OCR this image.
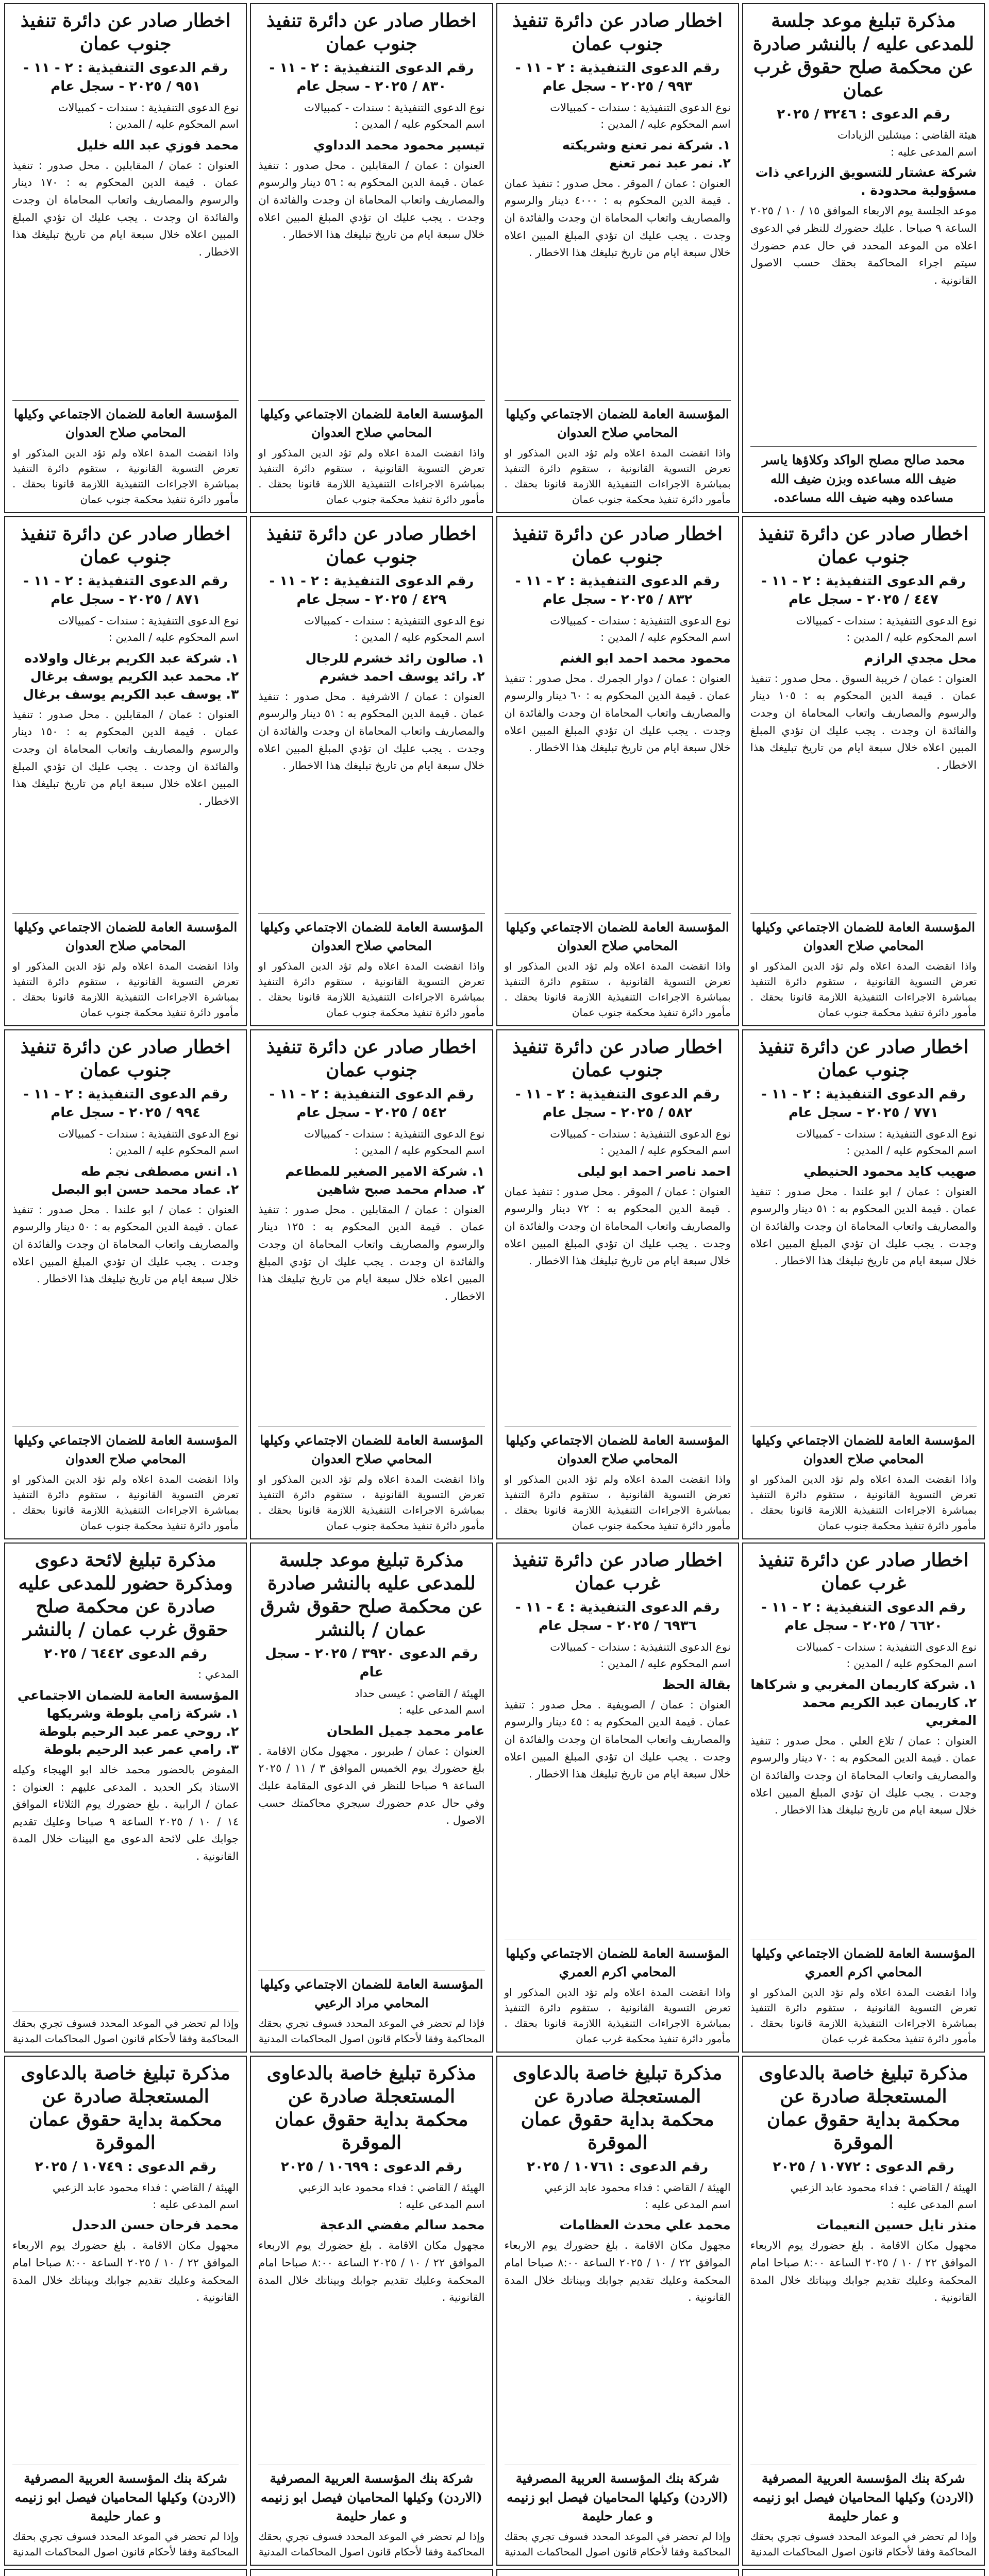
مذكرة تبليغ موعد جلسة للمدعى عليه / بالنشر صادرة عن محكمة صلح حقوق غرب عمان
رقم الدعوى : ٣٢٤٦ / ٢٠٢٥
هيئة القاضي : ميشلين الزيادات
اسم المدعى عليه :
شركة عشتار للتسويق الزراعي ذات مسؤولية محدودة .
موعد الجلسة يوم الاربعاء الموافق ١٥ / ١٠ / ٢٠٢٥ الساعة ٩ صباحا . عليك حضورك للنظر في الدعوى اعلاه من الموعد المحدد في حال عدم حضورك سيتم اجراء المحاكمة بحقك حسب الاصول القانونية .
محمد صالح مصلح الواكد وكلاؤها ياسر ضيف الله مساعده وبزن ضيف الله مساعده وهبه ضيف الله مساعده.
اخطار صادر عن دائرة تنفيذ جنوب عمان
رقم الدعوى التنفيذية : ٢ - ١١ - ٩٩٣ / ٢٠٢٥ - سجل عام
نوع الدعوى التنفيذية : سندات - كمبيالات
اسم المحكوم عليه / المدين :
١. شركة نمر تعنع وشريكته
٢. نمر عبد نمر تعنع
العنوان : عمان / الموقر . محل صدور : تنفيذ عمان . قيمة الدين المحكوم به : ٤٠٠٠ دينار والرسوم والمصاريف واتعاب المحاماة ان وجدت والفائدة ان وجدت . يجب عليك ان تؤدي المبلغ المبين اعلاه خلال سبعة ايام من تاريخ تبليغك هذا الاخطار .
المؤسسة العامة للضمان الاجتماعي وكيلها المحامي صلاح العدوان
واذا انقضت المدة اعلاه ولم تؤد الدين المذكور او تعرض التسوية القانونية ، ستقوم دائرة التنفيذ بمباشرة الاجراءات التنفيذية اللازمة قانونا بحقك . مأمور دائرة تنفيذ محكمة جنوب عمان
اخطار صادر عن دائرة تنفيذ جنوب عمان
رقم الدعوى التنفيذية : ٢ - ١١ - ٨٣٠ / ٢٠٢٥ - سجل عام
نوع الدعوى التنفيذية : سندات - كمبيالات
اسم المحكوم عليه / المدين :
تيسير محمود محمد الدداوي
العنوان : عمان / المقابلين . محل صدور : تنفيذ عمان . قيمة الدين المحكوم به : ٥٦ دينار والرسوم والمصاريف واتعاب المحاماة ان وجدت والفائدة ان وجدت . يجب عليك ان تؤدي المبلغ المبين اعلاه خلال سبعة ايام من تاريخ تبليغك هذا الاخطار .
المؤسسة العامة للضمان الاجتماعي وكيلها المحامي صلاح العدوان
واذا انقضت المدة اعلاه ولم تؤد الدين المذكور او تعرض التسوية القانونية ، ستقوم دائرة التنفيذ بمباشرة الاجراءات التنفيذية اللازمة قانونا بحقك . مأمور دائرة تنفيذ محكمة جنوب عمان
اخطار صادر عن دائرة تنفيذ جنوب عمان
رقم الدعوى التنفيذية : ٢ - ١١ - ٩٥١ / ٢٠٢٥ - سجل عام
نوع الدعوى التنفيذية : سندات - كمبيالات
اسم المحكوم عليه / المدين :
محمد فوزي عبد الله خليل
العنوان : عمان / المقابلين . محل صدور : تنفيذ عمان . قيمة الدين المحكوم به : ١٧٠ دينار والرسوم والمصاريف واتعاب المحاماة ان وجدت والفائدة ان وجدت . يجب عليك ان تؤدي المبلغ المبين اعلاه خلال سبعة ايام من تاريخ تبليغك هذا الاخطار .
المؤسسة العامة للضمان الاجتماعي وكيلها المحامي صلاح العدوان
واذا انقضت المدة اعلاه ولم تؤد الدين المذكور او تعرض التسوية القانونية ، ستقوم دائرة التنفيذ بمباشرة الاجراءات التنفيذية اللازمة قانونا بحقك . مأمور دائرة تنفيذ محكمة جنوب عمان
اخطار صادر عن دائرة تنفيذ جنوب عمان
رقم الدعوى التنفيذية : ٢ - ١١ - ٤٤٧ / ٢٠٢٥ - سجل عام
نوع الدعوى التنفيذية : سندات - كمبيالات
اسم المحكوم عليه / المدين :
محل مجدي الرازم
العنوان : عمان / خريبة السوق . محل صدور : تنفيذ عمان . قيمة الدين المحكوم به : ١٠٥ دينار والرسوم والمصاريف واتعاب المحاماة ان وجدت والفائدة ان وجدت . يجب عليك ان تؤدي المبلغ المبين اعلاه خلال سبعة ايام من تاريخ تبليغك هذا الاخطار .
المؤسسة العامة للضمان الاجتماعي وكيلها المحامي صلاح العدوان
واذا انقضت المدة اعلاه ولم تؤد الدين المذكور او تعرض التسوية القانونية ، ستقوم دائرة التنفيذ بمباشرة الاجراءات التنفيذية اللازمة قانونا بحقك . مأمور دائرة تنفيذ محكمة جنوب عمان
اخطار صادر عن دائرة تنفيذ جنوب عمان
رقم الدعوى التنفيذية : ٢ - ١١ - ٨٣٢ / ٢٠٢٥ - سجل عام
نوع الدعوى التنفيذية : سندات - كمبيالات
اسم المحكوم عليه / المدين :
محمود محمد احمد ابو الغنم
العنوان : عمان / دوار الجمرك . محل صدور : تنفيذ عمان . قيمة الدين المحكوم به : ٦٠ دينار والرسوم والمصاريف واتعاب المحاماة ان وجدت والفائدة ان وجدت . يجب عليك ان تؤدي المبلغ المبين اعلاه خلال سبعة ايام من تاريخ تبليغك هذا الاخطار .
المؤسسة العامة للضمان الاجتماعي وكيلها المحامي صلاح العدوان
واذا انقضت المدة اعلاه ولم تؤد الدين المذكور او تعرض التسوية القانونية ، ستقوم دائرة التنفيذ بمباشرة الاجراءات التنفيذية اللازمة قانونا بحقك . مأمور دائرة تنفيذ محكمة جنوب عمان
اخطار صادر عن دائرة تنفيذ جنوب عمان
رقم الدعوى التنفيذية : ٢ - ١١ - ٤٢٩ / ٢٠٢٥ - سجل عام
نوع الدعوى التنفيذية : سندات - كمبيالات
اسم المحكوم عليه / المدين :
١. صالون رائد خشرم للرجال
٢. رائد يوسف احمد خشرم
العنوان : عمان / الاشرفية . محل صدور : تنفيذ عمان . قيمة الدين المحكوم به : ٥١ دينار والرسوم والمصاريف واتعاب المحاماة ان وجدت والفائدة ان وجدت . يجب عليك ان تؤدي المبلغ المبين اعلاه خلال سبعة ايام من تاريخ تبليغك هذا الاخطار .
المؤسسة العامة للضمان الاجتماعي وكيلها المحامي صلاح العدوان
واذا انقضت المدة اعلاه ولم تؤد الدين المذكور او تعرض التسوية القانونية ، ستقوم دائرة التنفيذ بمباشرة الاجراءات التنفيذية اللازمة قانونا بحقك . مأمور دائرة تنفيذ محكمة جنوب عمان
اخطار صادر عن دائرة تنفيذ جنوب عمان
رقم الدعوى التنفيذية : ٢ - ١١ - ٨٧١ / ٢٠٢٥ - سجل عام
نوع الدعوى التنفيذية : سندات - كمبيالات
اسم المحكوم عليه / المدين :
١. شركة عبد الكريم برغال واولاده
٢. محمد عبد الكريم يوسف برغال
٣. يوسف عبد الكريم يوسف برغال
العنوان : عمان / المقابلين . محل صدور : تنفيذ عمان . قيمة الدين المحكوم به : ١٥٠ دينار والرسوم والمصاريف واتعاب المحاماة ان وجدت والفائدة ان وجدت . يجب عليك ان تؤدي المبلغ المبين اعلاه خلال سبعة ايام من تاريخ تبليغك هذا الاخطار .
المؤسسة العامة للضمان الاجتماعي وكيلها المحامي صلاح العدوان
واذا انقضت المدة اعلاه ولم تؤد الدين المذكور او تعرض التسوية القانونية ، ستقوم دائرة التنفيذ بمباشرة الاجراءات التنفيذية اللازمة قانونا بحقك . مأمور دائرة تنفيذ محكمة جنوب عمان
اخطار صادر عن دائرة تنفيذ جنوب عمان
رقم الدعوى التنفيذية : ٢ - ١١ - ٧٧١ / ٢٠٢٥ - سجل عام
نوع الدعوى التنفيذية : سندات - كمبيالات
اسم المحكوم عليه / المدين :
صهيب كايد محمود الحنيطي
العنوان : عمان / ابو علندا . محل صدور : تنفيذ عمان . قيمة الدين المحكوم به : ٥١ دينار والرسوم والمصاريف واتعاب المحاماة ان وجدت والفائدة ان وجدت . يجب عليك ان تؤدي المبلغ المبين اعلاه خلال سبعة ايام من تاريخ تبليغك هذا الاخطار .
المؤسسة العامة للضمان الاجتماعي وكيلها المحامي صلاح العدوان
واذا انقضت المدة اعلاه ولم تؤد الدين المذكور او تعرض التسوية القانونية ، ستقوم دائرة التنفيذ بمباشرة الاجراءات التنفيذية اللازمة قانونا بحقك . مأمور دائرة تنفيذ محكمة جنوب عمان
اخطار صادر عن دائرة تنفيذ جنوب عمان
رقم الدعوى التنفيذية : ٢ - ١١ - ٥٨٢ / ٢٠٢٥ - سجل عام
نوع الدعوى التنفيذية : سندات - كمبيالات
اسم المحكوم عليه / المدين :
احمد ناصر احمد ابو ليلى
العنوان : عمان / الموقر . محل صدور : تنفيذ عمان . قيمة الدين المحكوم به : ٧٢ دينار والرسوم والمصاريف واتعاب المحاماة ان وجدت والفائدة ان وجدت . يجب عليك ان تؤدي المبلغ المبين اعلاه خلال سبعة ايام من تاريخ تبليغك هذا الاخطار .
المؤسسة العامة للضمان الاجتماعي وكيلها المحامي صلاح العدوان
واذا انقضت المدة اعلاه ولم تؤد الدين المذكور او تعرض التسوية القانونية ، ستقوم دائرة التنفيذ بمباشرة الاجراءات التنفيذية اللازمة قانونا بحقك . مأمور دائرة تنفيذ محكمة جنوب عمان
اخطار صادر عن دائرة تنفيذ جنوب عمان
رقم الدعوى التنفيذية : ٢ - ١١ - ٥٤٢ / ٢٠٢٥ - سجل عام
نوع الدعوى التنفيذية : سندات - كمبيالات
اسم المحكوم عليه / المدين :
١. شركة الامير الصغير للمطاعم
٢. صدام محمد صبح شاهين
العنوان : عمان / المقابلين . محل صدور : تنفيذ عمان . قيمة الدين المحكوم به : ١٢٥ دينار والرسوم والمصاريف واتعاب المحاماة ان وجدت والفائدة ان وجدت . يجب عليك ان تؤدي المبلغ المبين اعلاه خلال سبعة ايام من تاريخ تبليغك هذا الاخطار .
المؤسسة العامة للضمان الاجتماعي وكيلها المحامي صلاح العدوان
واذا انقضت المدة اعلاه ولم تؤد الدين المذكور او تعرض التسوية القانونية ، ستقوم دائرة التنفيذ بمباشرة الاجراءات التنفيذية اللازمة قانونا بحقك . مأمور دائرة تنفيذ محكمة جنوب عمان
اخطار صادر عن دائرة تنفيذ جنوب عمان
رقم الدعوى التنفيذية : ٢ - ١١ - ٩٩٤ / ٢٠٢٥ - سجل عام
نوع الدعوى التنفيذية : سندات - كمبيالات
اسم المحكوم عليه / المدين :
١. انس مصطفى نجم طه
٢. عماد محمد حسن ابو البصل
العنوان : عمان / ابو علندا . محل صدور : تنفيذ عمان . قيمة الدين المحكوم به : ٥٠ دينار والرسوم والمصاريف واتعاب المحاماة ان وجدت والفائدة ان وجدت . يجب عليك ان تؤدي المبلغ المبين اعلاه خلال سبعة ايام من تاريخ تبليغك هذا الاخطار .
المؤسسة العامة للضمان الاجتماعي وكيلها المحامي صلاح العدوان
واذا انقضت المدة اعلاه ولم تؤد الدين المذكور او تعرض التسوية القانونية ، ستقوم دائرة التنفيذ بمباشرة الاجراءات التنفيذية اللازمة قانونا بحقك . مأمور دائرة تنفيذ محكمة جنوب عمان
اخطار صادر عن دائرة تنفيذ غرب عمان
رقم الدعوى التنفيذية : ٢ - ١١ - ٦٦٢٠ / ٢٠٢٥ - سجل عام
نوع الدعوى التنفيذية : سندات - كمبيالات
اسم المحكوم عليه / المدين :
١. شركة كاريمان المغربي و شركاها
٢. كاريمان عبد الكريم محمد المغربي
العنوان : عمان / تلاع العلي . محل صدور : تنفيذ عمان . قيمة الدين المحكوم به : ٧٠ دينار والرسوم والمصاريف واتعاب المحاماة ان وجدت والفائدة ان وجدت . يجب عليك ان تؤدي المبلغ المبين اعلاه خلال سبعة ايام من تاريخ تبليغك هذا الاخطار .
المؤسسة العامة للضمان الاجتماعي وكيلها المحامي اكرم العمري
واذا انقضت المدة اعلاه ولم تؤد الدين المذكور او تعرض التسوية القانونية ، ستقوم دائرة التنفيذ بمباشرة الاجراءات التنفيذية اللازمة قانونا بحقك . مأمور دائرة تنفيذ محكمة غرب عمان
اخطار صادر عن دائرة تنفيذ غرب عمان
رقم الدعوى التنفيذية : ٤ - ١١ - ٦٩٣٦ / ٢٠٢٥ - سجل عام
نوع الدعوى التنفيذية : سندات - كمبيالات
اسم المحكوم عليه / المدين :
بقالة الحظ
العنوان : عمان / الصويفية . محل صدور : تنفيذ عمان . قيمة الدين المحكوم به : ٤٥ دينار والرسوم والمصاريف واتعاب المحاماة ان وجدت والفائدة ان وجدت . يجب عليك ان تؤدي المبلغ المبين اعلاه خلال سبعة ايام من تاريخ تبليغك هذا الاخطار .
المؤسسة العامة للضمان الاجتماعي وكيلها المحامي اكرم العمري
واذا انقضت المدة اعلاه ولم تؤد الدين المذكور او تعرض التسوية القانونية ، ستقوم دائرة التنفيذ بمباشرة الاجراءات التنفيذية اللازمة قانونا بحقك . مأمور دائرة تنفيذ محكمة غرب عمان
مذكرة تبليغ موعد جلسة للمدعى عليه بالنشر صادرة عن محكمة صلح حقوق شرق عمان / بالنشر
رقم الدعوى ٣٩٢٠ / ٢٠٢٥ - سجل عام
الهيئة / القاضي : عيسى حداد
اسم المدعى عليه :
عامر محمد جميل الطحان
العنوان : عمان / طبربور . مجهول مكان الاقامة . بلغ حضورك يوم الخميس الموافق ٣ / ١١ / ٢٠٢٥ الساعة ٩ صباحا للنظر في الدعوى المقامة عليك وفي حال عدم حضورك سيجري محاكمتك حسب الاصول .
المؤسسة العامة للضمان الاجتماعي وكيلها المحامي مراد الرعيي
فإذا لم تحضر في الموعد المحدد فسوف تجري بحقك المحاكمة وفقا لأحكام قانون اصول المحاكمات المدنية
مذكرة تبليغ لائحة دعوى ومذكرة حضور للمدعى عليه صادرة عن محكمة صلح حقوق غرب عمان / بالنشر
رقم الدعوى ٦٤٤٢ / ٢٠٢٥
المدعي :
المؤسسة العامة للضمان الاجتماعي
١. شركة زامي بلوطة وشريكها
٢. روحي عمر عبد الرحيم بلوطة
٣. رامي عمر عبد الرحيم بلوطة
المفوض بالحضور محمد خالد ابو الهيجاء وكيله الاستاذ بكر الحديد . المدعى عليهم : العنوان : عمان / الرابية . بلغ حضورك يوم الثلاثاء الموافق ١٤ / ١٠ / ٢٠٢٥ الساعة ٩ صباحا وعليك تقديم جوابك على لائحة الدعوى مع البينات خلال المدة القانونية .
وإذا لم تحضر في الموعد المحدد فسوف تجري بحقك المحاكمة وفقا لأحكام قانون اصول المحاكمات المدنية
مذكرة تبليغ خاصة بالدعاوى المستعجلة صادرة عن محكمة بداية حقوق عمان الموقرة
رقم الدعوى : ١٠٧٧٢ / ٢٠٢٥
الهيئة / القاضي : فداء محمود عابد الزعبي
اسم المدعى عليه :
منذر نايل حسين النعيمات
مجهول مكان الاقامة . بلغ حضورك يوم الاربعاء الموافق ٢٢ / ١٠ / ٢٠٢٥ الساعة ٨:٠٠ صباحا امام المحكمة وعليك تقديم جوابك وبيناتك خلال المدة القانونية .
شركة بنك المؤسسة العربية المصرفية (الاردن) وكيلها المحاميان فيصل ابو زنيمه و عمار حليمة
وإذا لم تحضر في الموعد المحدد فسوف تجري بحقك المحاكمة وفقا لأحكام قانون اصول المحاكمات المدنية
مذكرة تبليغ خاصة بالدعاوى المستعجلة صادرة عن محكمة بداية حقوق عمان الموقرة
رقم الدعوى : ١٠٧٦١ / ٢٠٢٥
الهيئة / القاضي : فداء محمود عابد الزعبي
اسم المدعى عليه :
محمد علي محدث العظامات
مجهول مكان الاقامة . بلغ حضورك يوم الاربعاء الموافق ٢٢ / ١٠ / ٢٠٢٥ الساعة ٨:٠٠ صباحا امام المحكمة وعليك تقديم جوابك وبيناتك خلال المدة القانونية .
شركة بنك المؤسسة العربية المصرفية (الاردن) وكيلها المحاميان فيصل ابو زنيمه و عمار حليمة
وإذا لم تحضر في الموعد المحدد فسوف تجري بحقك المحاكمة وفقا لأحكام قانون اصول المحاكمات المدنية
مذكرة تبليغ خاصة بالدعاوى المستعجلة صادرة عن محكمة بداية حقوق عمان الموقرة
رقم الدعوى : ١٠٦٩٩ / ٢٠٢٥
الهيئة / القاضي : فداء محمود عابد الزعبي
اسم المدعى عليه :
محمد سالم مفضي الدعجة
مجهول مكان الاقامة . بلغ حضورك يوم الاربعاء الموافق ٢٢ / ١٠ / ٢٠٢٥ الساعة ٨:٠٠ صباحا امام المحكمة وعليك تقديم جوابك وبيناتك خلال المدة القانونية .
شركة بنك المؤسسة العربية المصرفية (الاردن) وكيلها المحاميان فيصل ابو زنيمه و عمار حليمة
وإذا لم تحضر في الموعد المحدد فسوف تجري بحقك المحاكمة وفقا لأحكام قانون اصول المحاكمات المدنية
مذكرة تبليغ خاصة بالدعاوى المستعجلة صادرة عن محكمة بداية حقوق عمان الموقرة
رقم الدعوى : ١٠٧٤٩ / ٢٠٢٥
الهيئة / القاضي : فداء محمود عابد الزعبي
اسم المدعى عليه :
محمد فرحان حسن الدحدل
مجهول مكان الاقامة . بلغ حضورك يوم الاربعاء الموافق ٢٢ / ١٠ / ٢٠٢٥ الساعة ٨:٠٠ صباحا امام المحكمة وعليك تقديم جوابك وبيناتك خلال المدة القانونية .
شركة بنك المؤسسة العربية المصرفية (الاردن) وكيلها المحاميان فيصل ابو زنيمه و عمار حليمة
وإذا لم تحضر في الموعد المحدد فسوف تجري بحقك المحاكمة وفقا لأحكام قانون اصول المحاكمات المدنية
